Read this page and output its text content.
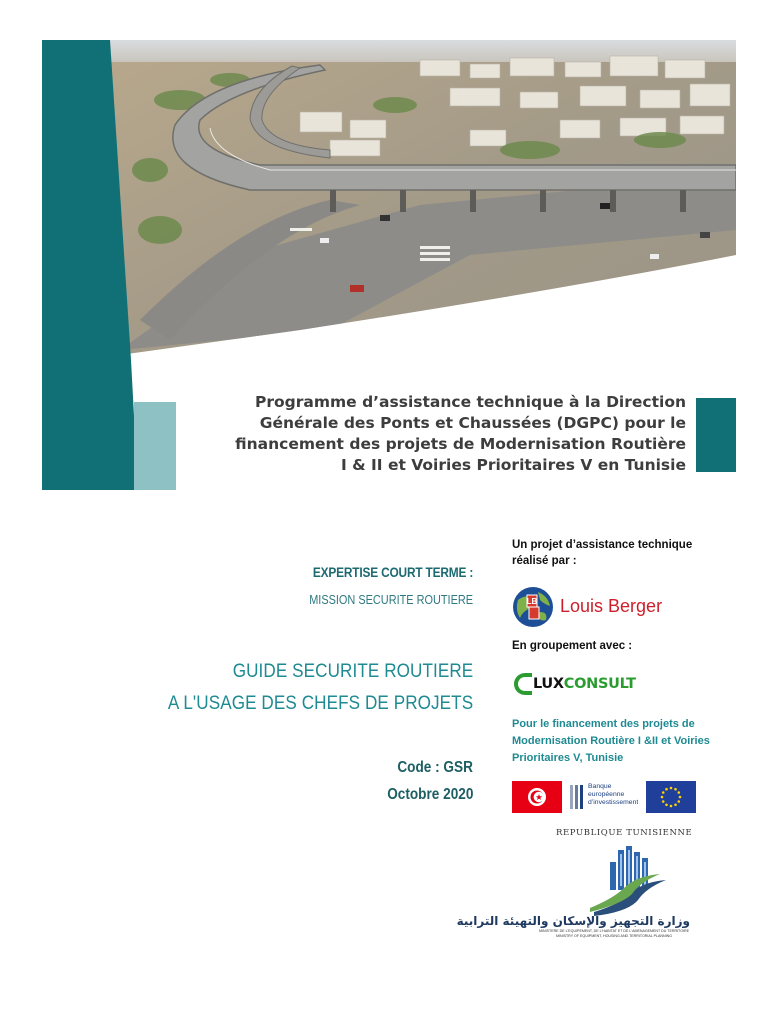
Programme d’assistance technique à la Direction
Générale des Ponts et Chaussées (DGPC) pour le
financement des projets de Modernisation Routière
I & II et Voiries Prioritaires V en Tunisie
EXPERTISE COURT TERME :
MISSION SECURITE ROUTIERE
GUIDE SECURITE ROUTIERE
A L'USAGE DES CHEFS DE PROJETS
Code : GSR
Octobre 2020
Un projet d’assistance technique réalisé par :
LB Louis Berger
En groupement avec :
LUX CONSULT
Pour le financement des projets de Modernisation Routière I &II et Voiries Prioritaires V, Tunisie
Banque
européenne
d’investissement
REPUBLIQUE TUNISIENNE
وزارة التجهيز والإسكان والتهيئة الترابية
MINISTERE DE L'EQUIPEMENT, DE L'HABITAT ET DE L'AMENAGEMENT DU TERRITOIRE
MINISTRY OF EQUIPMENT, HOUSING AND TERRITORIAL PLANNING
